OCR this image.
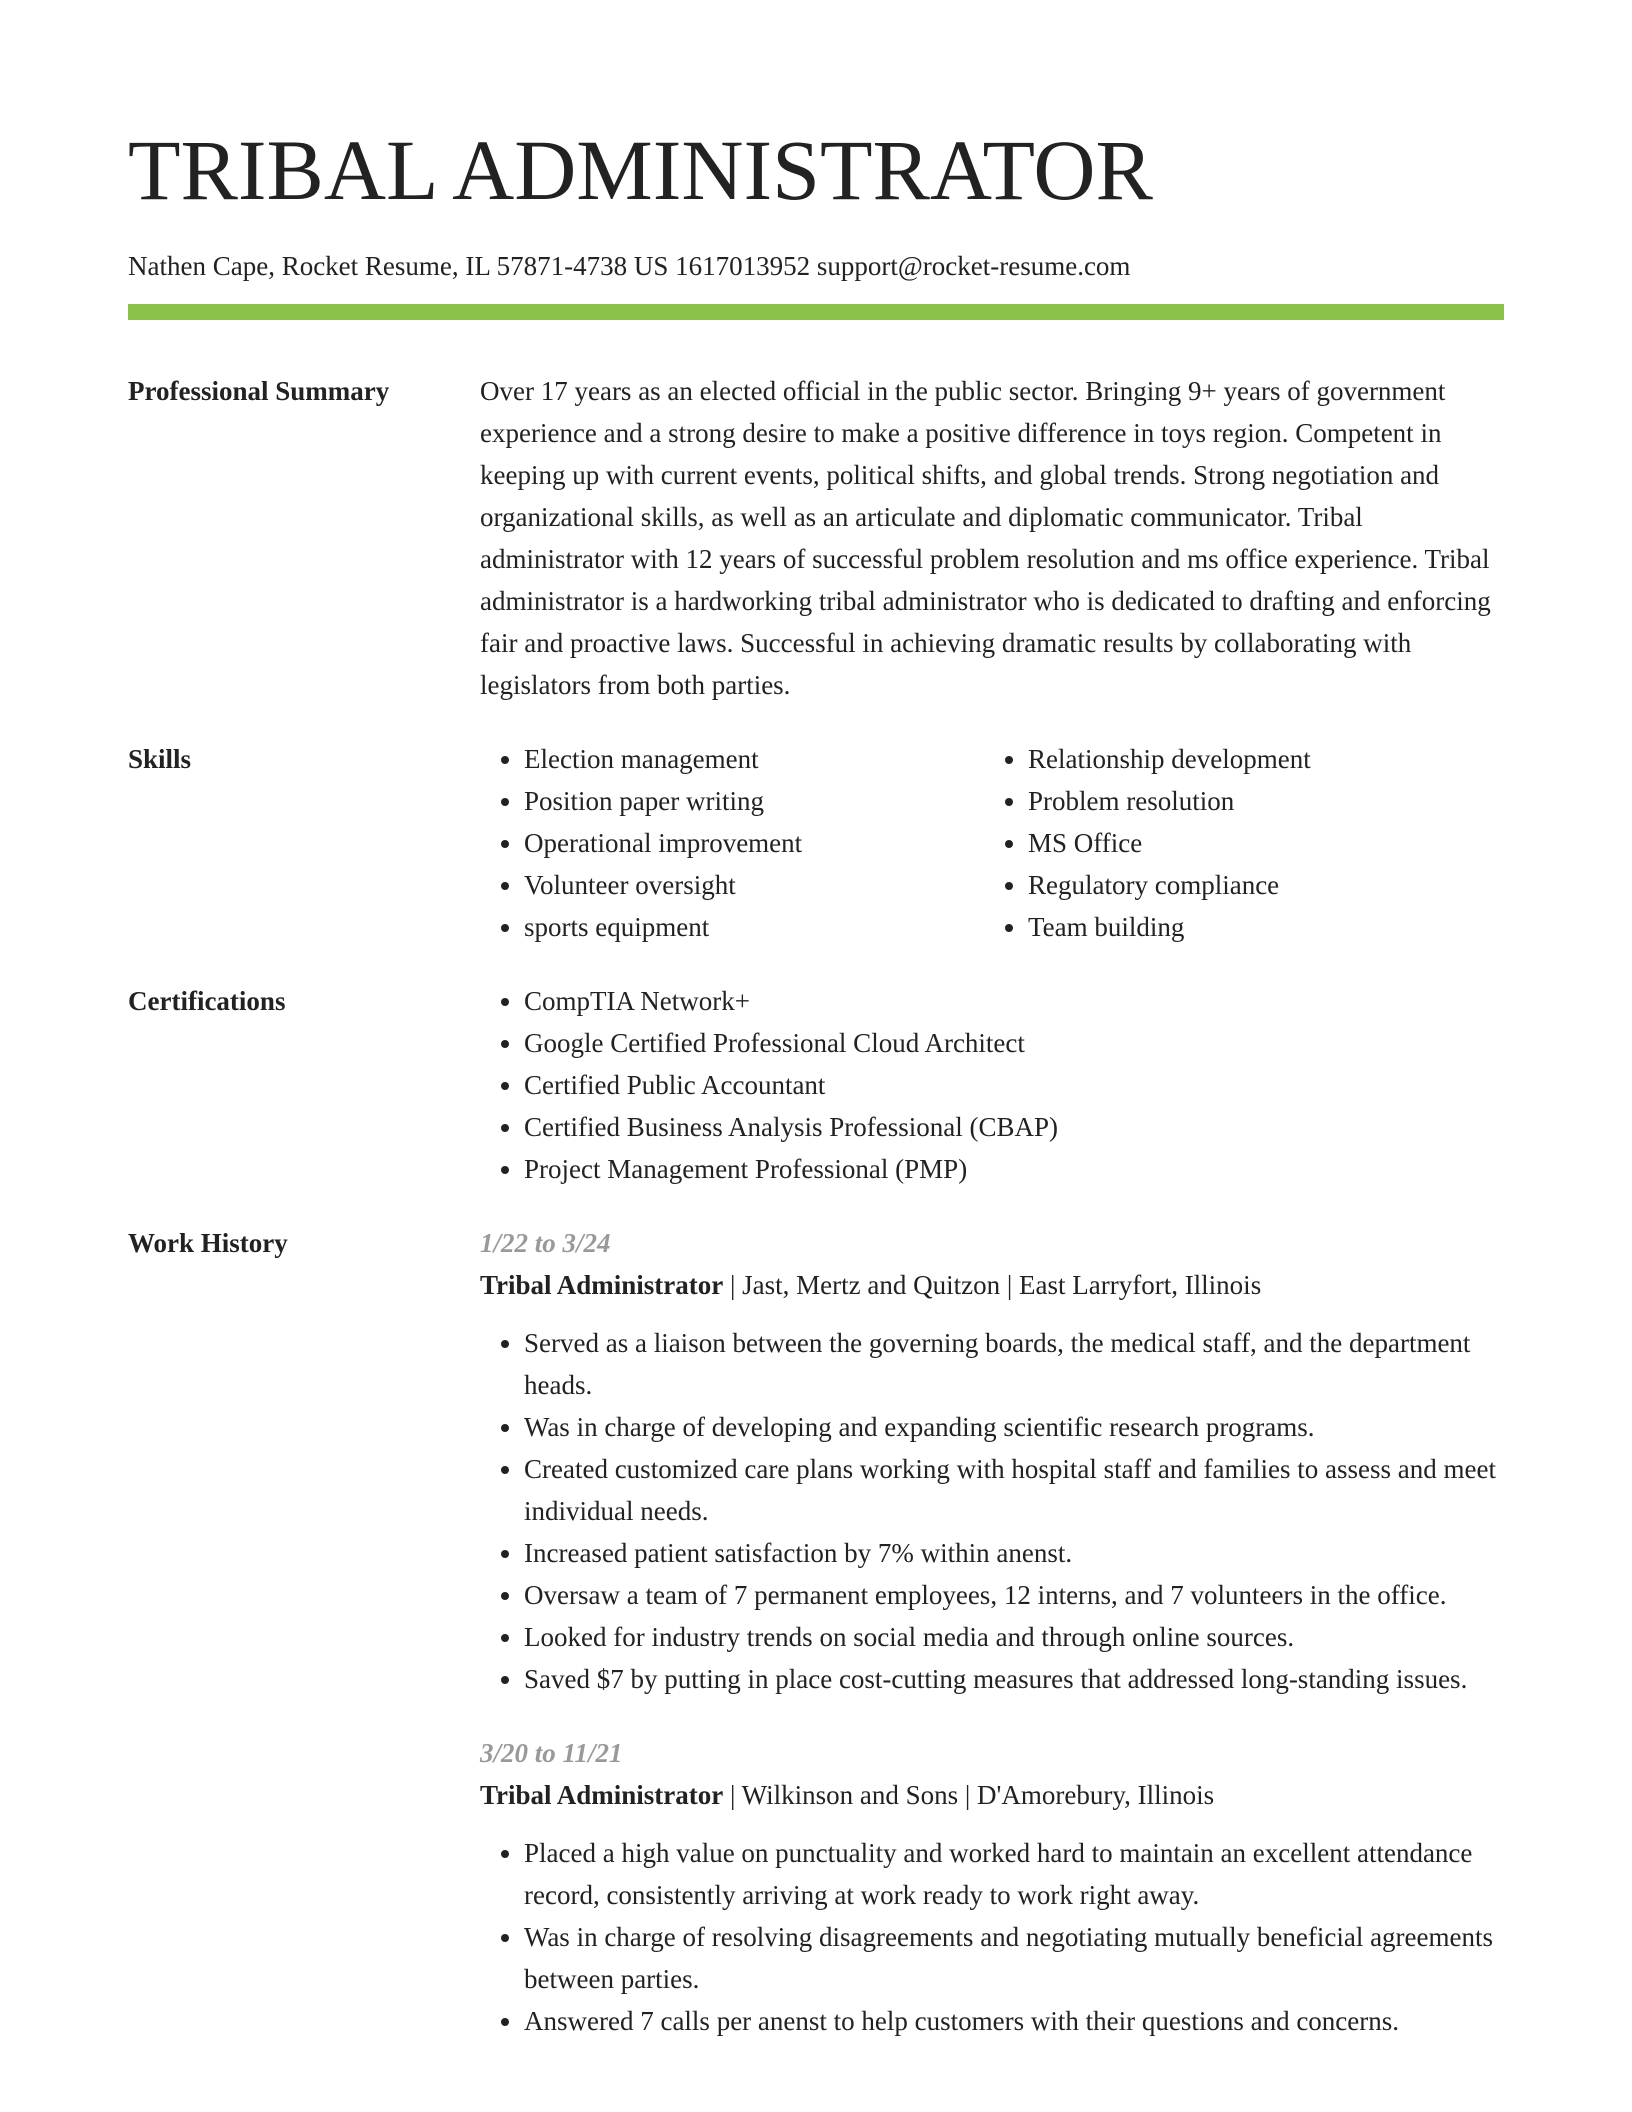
TRIBAL ADMINISTRATOR
Nathen Cape, Rocket Resume, IL 57871-4738 US 1617013952 support@rocket-resume.com
Professional Summary	Over 17 years as an elected official in the public sector. Bringing 9+ years of government experience and a strong desire to make a positive difference in toys region. Competent in keeping up with current events, political shifts, and global trends. Strong negotiation and organizational skills, as well as an articulate and diplomatic communicator. Tribal administrator with 12 years of successful problem resolution and ms office experience. Tribal administrator is a hardworking tribal administrator who is dedicated to drafting and enforcing fair and proactive laws. Successful in achieving dramatic results by collaborating with legislators from both parties.
Skills	• Election management
• Position paper writing
• Operational improvement
• Volunteer oversight
• sports equipment
• Relationship development
• Problem resolution
• MS Office
• Regulatory compliance
• Team building
Certifications	• CompTIA Network+
• Google Certified Professional Cloud Architect
• Certified Public Accountant
• Certified Business Analysis Professional (CBAP)
• Project Management Professional (PMP)
Work History	1/22 to 3/24
Tribal Administrator | Jast, Mertz and Quitzon | East Larryfort, Illinois
• Served as a liaison between the governing boards, the medical staff, and the department heads.
• Was in charge of developing and expanding scientific research programs.
• Created customized care plans working with hospital staff and families to assess and meet individual needs.
• Increased patient satisfaction by 7% within anenst.
• Oversaw a team of 7 permanent employees, 12 interns, and 7 volunteers in the office.
• Looked for industry trends on social media and through online sources.
• Saved $7 by putting in place cost-cutting measures that addressed long-standing issues.
3/20 to 11/21
Tribal Administrator | Wilkinson and Sons | D'Amorebury, Illinois
• Placed a high value on punctuality and worked hard to maintain an excellent attendance record, consistently arriving at work ready to work right away.
• Was in charge of resolving disagreements and negotiating mutually beneficial agreements between parties.
• Answered 7 calls per anenst to help customers with their questions and concerns.
